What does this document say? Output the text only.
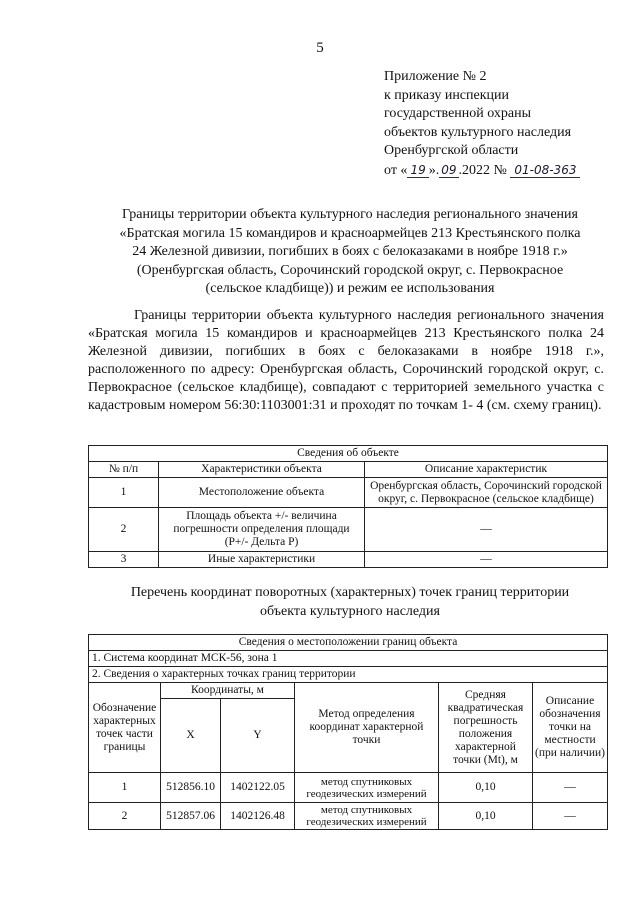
5
Приложение № 2
к приказу инспекции
государственной охраны
объектов культурного наследия
Оренбургской области
от « 19 ». 09 .2022 № 01-08-363
Границы территории объекта культурного наследия регионального значения
«Братская могила 15 командиров и красноармейцев 213 Крестьянского полка
24 Железной дивизии, погибших в боях с белоказаками в ноябре 1918 г.»
(Оренбургская область, Сорочинский городской округ, с. Первокрасное
(сельское кладбище)) и режим ее использования
Границы территории объекта культурного наследия регионального значения «Братская могила 15 командиров и красноармейцев 213 Крестьянского полка 24 Железной дивизии, погибших в боях с белоказаками в ноябре 1918 г.», расположенного по адресу: Оренбургская область, Сорочинский городской округ, с. Первокрасное (сельское кладбище), совпадают с территорией земельного участка с кадастровым номером 56:30:1103001:31 и проходят по точкам 1- 4 (см. схему границ).
Сведения об объекте		
№ п/п	Характеристики объекта	Описание характеристик
1	Местоположение объекта	Оренбургская область, Сорочинский городской округ, с. Первокрасное (сельское кладбище)
2	Площадь объекта +/- величина погрешности определения площади (P+/- Дельта P)	—
3	Иные характеристики	—
Перечень координат поворотных (характерных) точек границ территории
объекта культурного наследия
Сведения о местоположении границ объекта					
1. Система координат МСК-56, зона 1					
2. Сведения о характерных точках границ территории					
Обозначение характерных точек части границы	Координаты, м		Метод определения координат характерной точки	Средняя квадратическая погрешность положения характерной точки (Mt), м	Описание обозначения точки на местности (при наличии)
	X	Y			
1	512856.10	1402122.05	метод спутниковых геодезических измерений	0,10	—
2	512857.06	1402126.48	метод спутниковых геодезических измерений	0,10	—
